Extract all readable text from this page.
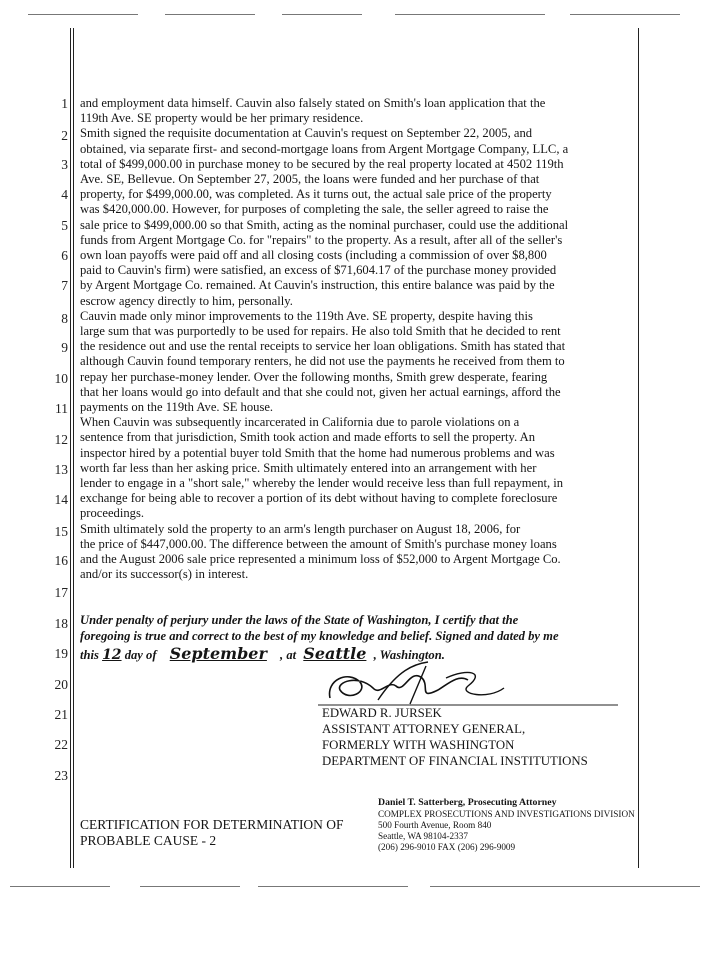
1
2
3
4
5
6
7
8
9
10
11
12
13
14
15
16
17
18
19
20
21
22
23
and employment data himself. Cauvin also falsely stated on Smith's loan application that the
119th Ave. SE property would be her primary residence.
Smith signed the requisite documentation at Cauvin's request on September 22, 2005, and
obtained, via separate first- and second-mortgage loans from Argent Mortgage Company, LLC, a
total of $499,000.00 in purchase money to be secured by the real property located at 4502 119th
Ave. SE, Bellevue. On September 27, 2005, the loans were funded and her purchase of that
property, for $499,000.00, was completed. As it turns out, the actual sale price of the property
was $420,000.00. However, for purposes of completing the sale, the seller agreed to raise the
sale price to $499,000.00 so that Smith, acting as the nominal purchaser, could use the additional
funds from Argent Mortgage Co. for "repairs" to the property. As a result, after all of the seller's
own loan payoffs were paid off and all closing costs (including a commission of over $8,800
paid to Cauvin's firm) were satisfied, an excess of $71,604.17 of the purchase money provided
by Argent Mortgage Co. remained. At Cauvin's instruction, this entire balance was paid by the
escrow agency directly to him, personally.
Cauvin made only minor improvements to the 119th Ave. SE property, despite having this
large sum that was purportedly to be used for repairs. He also told Smith that he decided to rent
the residence out and use the rental receipts to service her loan obligations. Smith has stated that
although Cauvin found temporary renters, he did not use the payments he received from them to
repay her purchase-money lender. Over the following months, Smith grew desperate, fearing
that her loans would go into default and that she could not, given her actual earnings, afford the
payments on the 119th Ave. SE house.
When Cauvin was subsequently incarcerated in California due to parole violations on a
sentence from that jurisdiction, Smith took action and made efforts to sell the property. An
inspector hired by a potential buyer told Smith that the home had numerous problems and was
worth far less than her asking price. Smith ultimately entered into an arrangement with her
lender to engage in a "short sale," whereby the lender would receive less than full repayment, in
exchange for being able to recover a portion of its debt without having to complete foreclosure
proceedings.
Smith ultimately sold the property to an arm's length purchaser on August 18, 2006, for
the price of $447,000.00. The difference between the amount of Smith's purchase money loans
and the August 2006 sale price represented a minimum loss of $52,000 to Argent Mortgage Co.
and/or its successor(s) in interest.
Under penalty of perjury under the laws of the State of Washington, I certify that the
foregoing is true and correct to the best of my knowledge and belief. Signed and dated by me
this 12 day of September , at Seattle , Washington.
EDWARD R. JURSEK
ASSISTANT ATTORNEY GENERAL,
FORMERLY WITH WASHINGTON
DEPARTMENT OF FINANCIAL INSTITUTIONS
CERTIFICATION FOR DETERMINATION OF
PROBABLE CAUSE - 2
Daniel T. Satterberg, Prosecuting Attorney
COMPLEX PROSECUTIONS AND INVESTIGATIONS DIVISION
500 Fourth Avenue, Room 840
Seattle, WA 98104-2337
(206) 296-9010 FAX (206) 296-9009
